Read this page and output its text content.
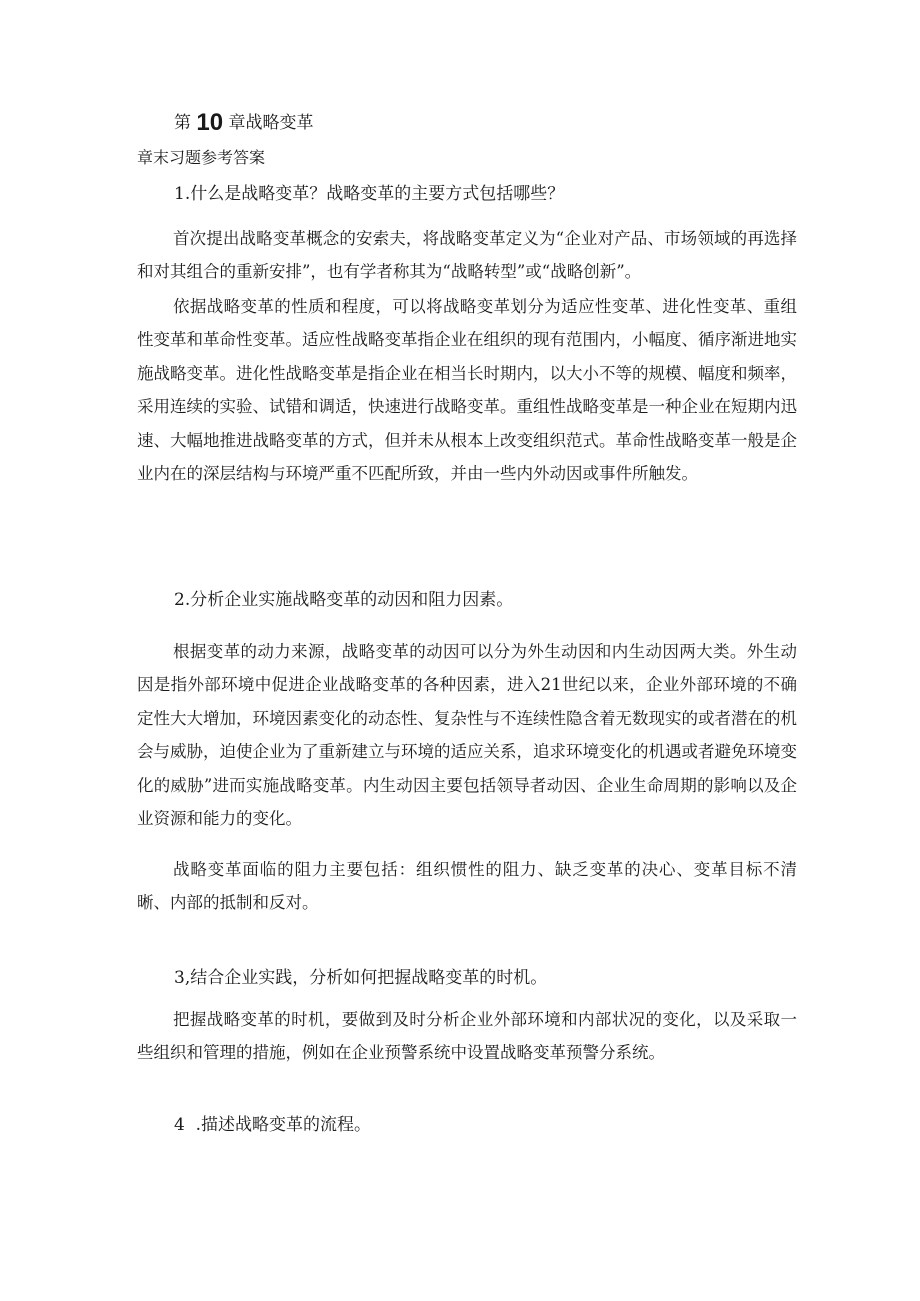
第 10 章战略变革

章末习题参考答案

1.什么是战略变革？战略变革的主要方式包括哪些？

首次提出战略变革概念的安索夫，将战略变革定义为“企业对产品、市场领域的再选择和对其组合的重新安排”，也有学者称其为“战略转型”或“战略创新”。

依据战略变革的性质和程度，可以将战略变革划分为适应性变革、进化性变革、重组性变革和革命性变革。适应性战略变革指企业在组织的现有范围内，小幅度、循序渐进地实施战略变革。进化性战略变革是指企业在相当长时期内，以大小不等的规模、幅度和频率，采用连续的实验、试错和调适，快速进行战略变革。重组性战略变革是一种企业在短期内迅速、大幅地推进战略变革的方式，但并未从根本上改变组织范式。革命性战略变革一般是企业内在的深层结构与环境严重不匹配所致，并由一些内外动因或事件所触发。

2.分析企业实施战略变革的动因和阻力因素。

根据变革的动力来源，战略变革的动因可以分为外生动因和内生动因两大类。外生动因是指外部环境中促进企业战略变革的各种因素，进入21世纪以来，企业外部环境的不确定性大大增加，环境因素变化的动态性、复杂性与不连续性隐含着无数现实的或者潜在的机会与威胁，迫使企业为了重新建立与环境的适应关系，追求环境变化的机遇或者避免环境变化的威胁”进而实施战略变革。内生动因主要包括领导者动因、企业生命周期的影响以及企业资源和能力的变化。

战略变革面临的阻力主要包括：组织惯性的阻力、缺乏变革的决心、变革目标不清晰、内部的抵制和反对。

3,结合企业实践，分析如何把握战略变革的时机。

把握战略变革的时机，要做到及时分析企业外部环境和内部状况的变化，以及采取一些组织和管理的措施，例如在企业预警系统中设置战略变革预警分系统。

4  .描述战略变革的流程。
